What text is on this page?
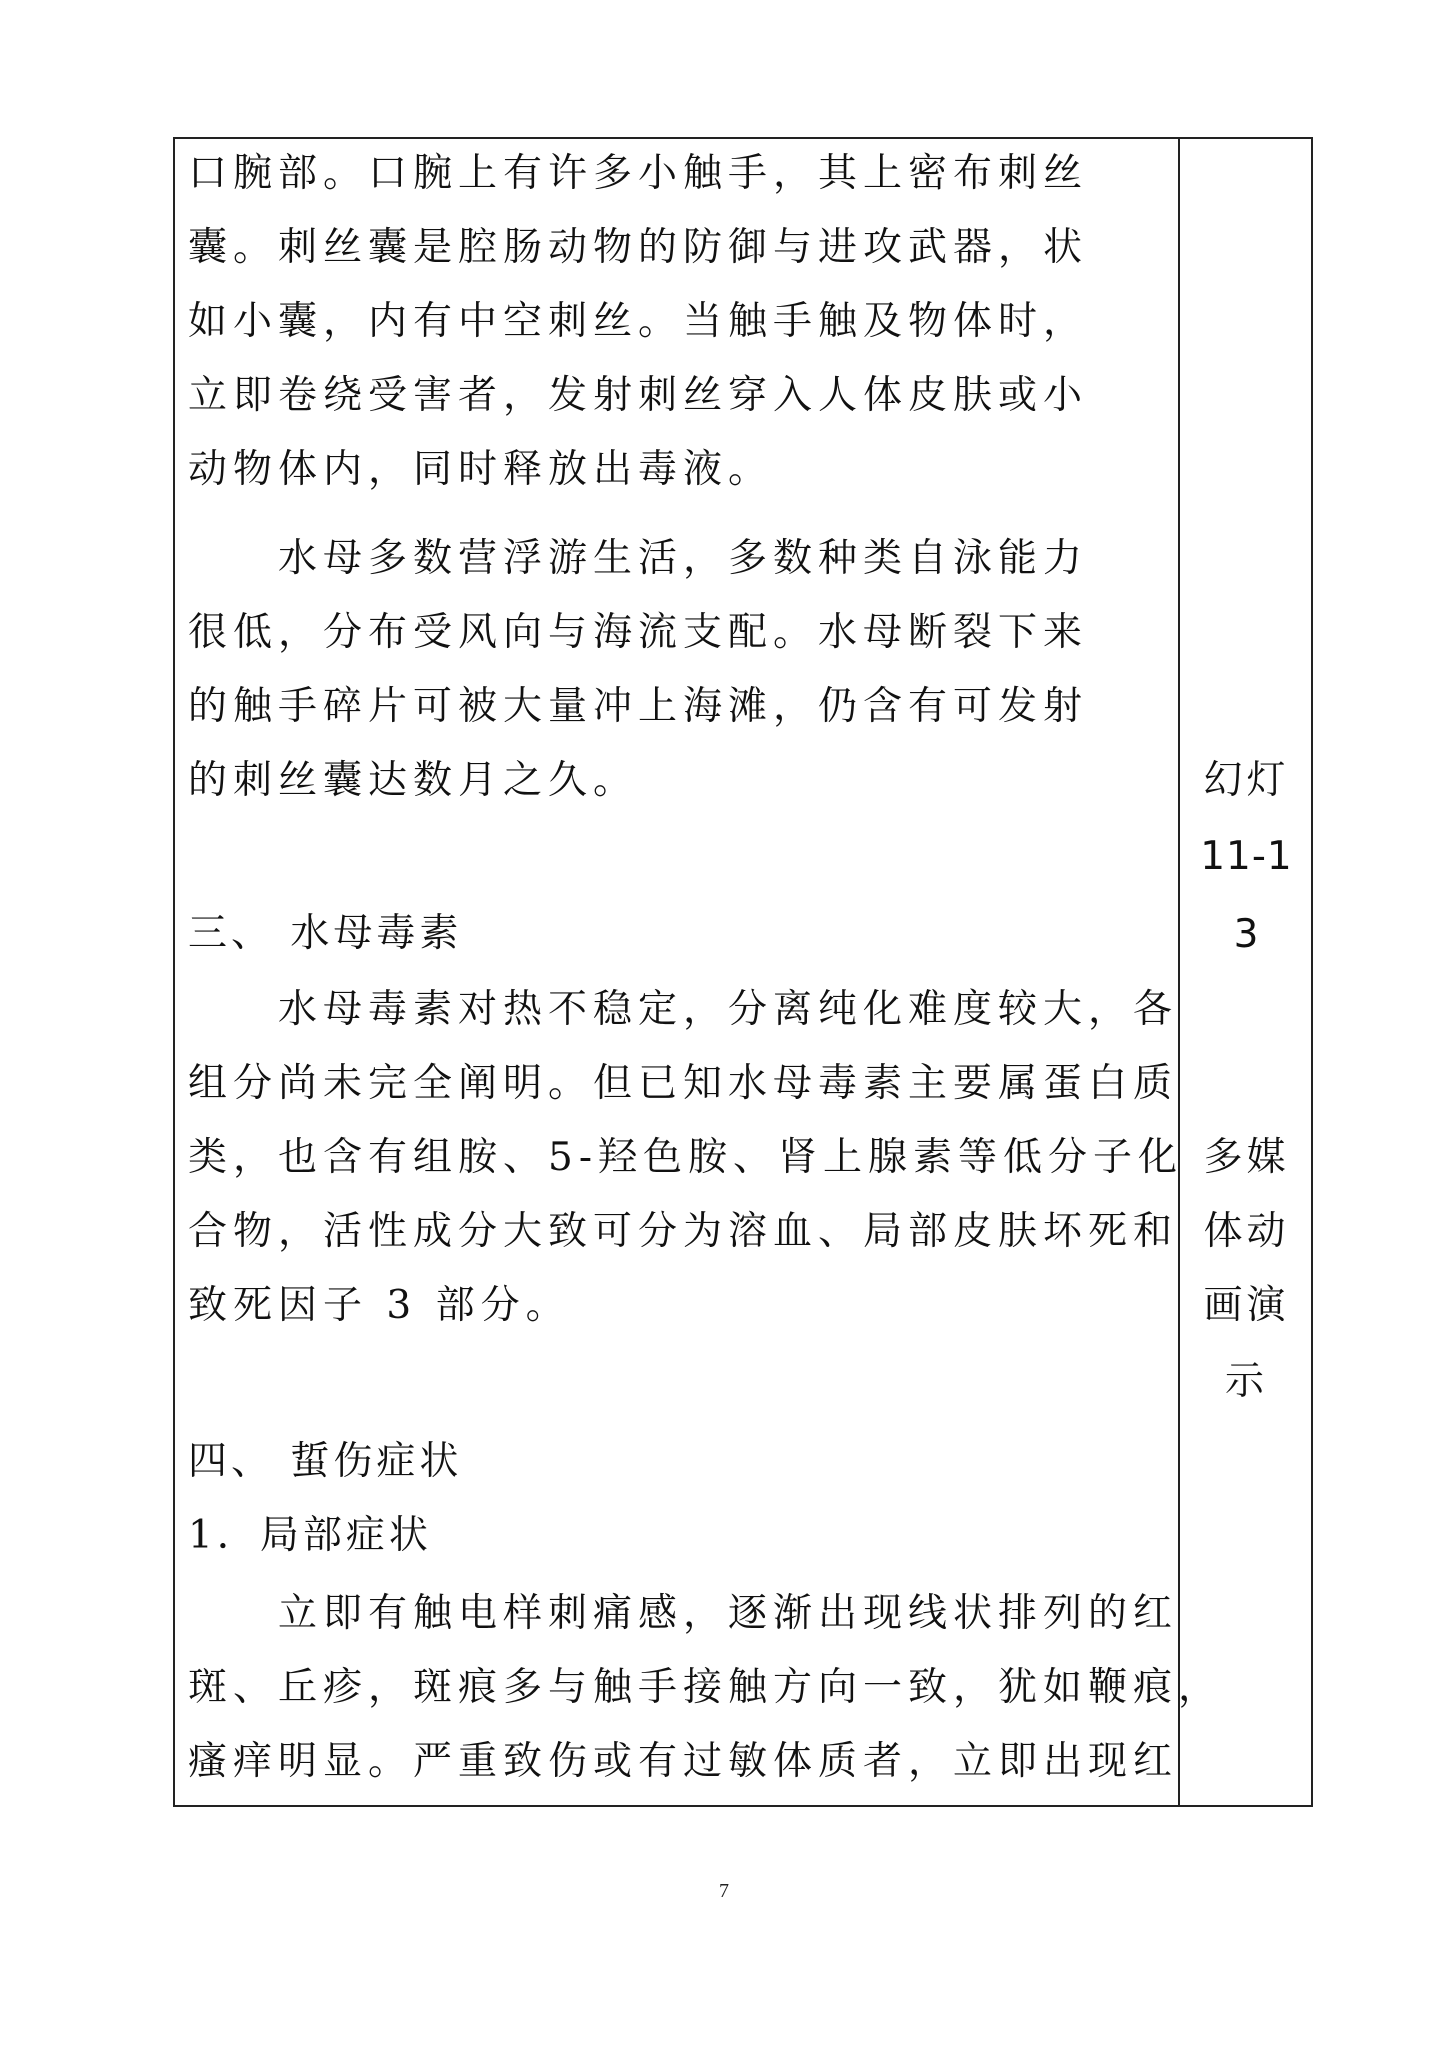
口腕部。口腕上有许多小触手，其上密布刺丝
囊。刺丝囊是腔肠动物的防御与进攻武器，状
如小囊，内有中空刺丝。当触手触及物体时，
立即卷绕受害者，发射刺丝穿入人体皮肤或小
动物体内，同时释放出毒液。
水母多数营浮游生活，多数种类自泳能力
很低，分布受风向与海流支配。水母断裂下来
的触手碎片可被大量冲上海滩，仍含有可发射
的刺丝囊达数月之久。
三、 水母毒素
水母毒素对热不稳定，分离纯化难度较大，各
组分尚未完全阐明。但已知水母毒素主要属蛋白质
类，也含有组胺、5-羟色胺、肾上腺素等低分子化
合物，活性成分大致可分为溶血、局部皮肤坏死和
致死因子 3 部分。
四、 蜇伤症状
1．局部症状
立即有触电样刺痛感，逐渐出现线状排列的红
斑、丘疹，斑痕多与触手接触方向一致，犹如鞭痕，
瘙痒明显。严重致伤或有过敏体质者，立即出现红
幻灯
11-1
3
多媒
体动
画演
示
7
